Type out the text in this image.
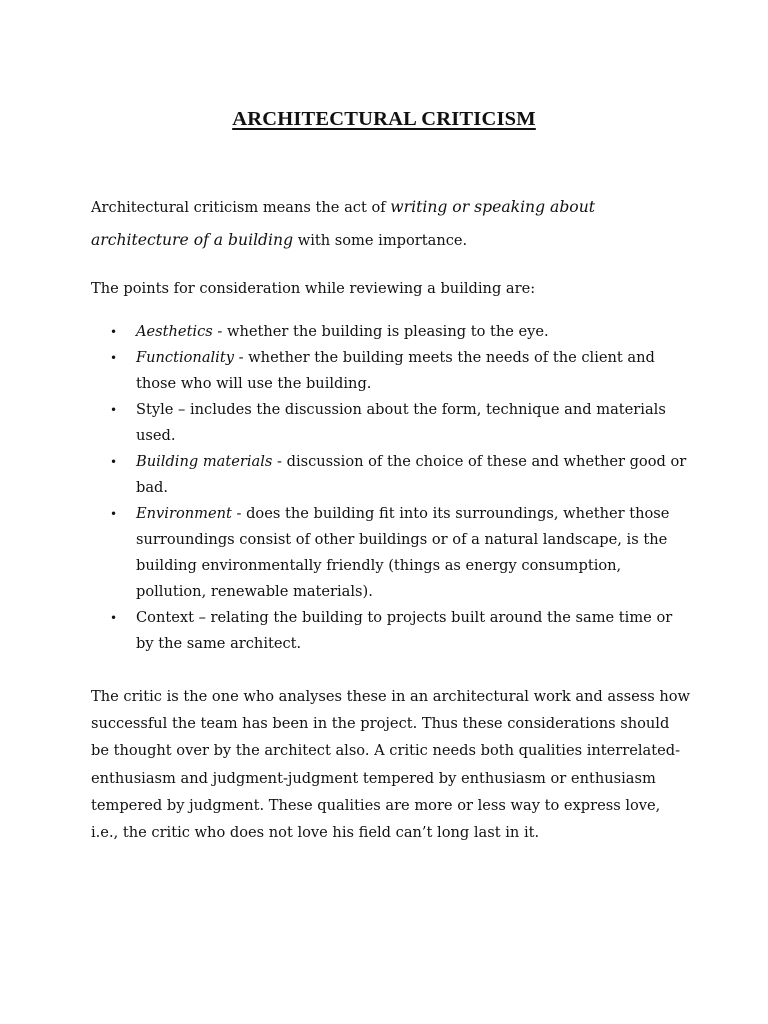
ARCHITECTURAL CRITICISM

Architectural criticism means the act of writing or speaking about architecture of a building with some importance.

The points for consideration while reviewing a building are:

• Aesthetics - whether the building is pleasing to the eye.
• Functionality - whether the building meets the needs of the client and those who will use the building.
• Style – includes the discussion about the form, technique and materials used.
• Building materials - discussion of the choice of these and whether good or bad.
• Environment - does the building fit into its surroundings, whether those surroundings consist of other buildings or of a natural landscape, is the building environmentally friendly (things as energy consumption, pollution, renewable materials).
• Context – relating the building to projects built around the same time or by the same architect.

The critic is the one who analyses these in an architectural work and assess how successful the team has been in the project. Thus these considerations should be thought over by the architect also. A critic needs both qualities interrelated- enthusiasm and judgment-judgment tempered by enthusiasm or enthusiasm tempered by judgment. These qualities are more or less way to express love, i.e., the critic who does not love his field can’t long last in it.
